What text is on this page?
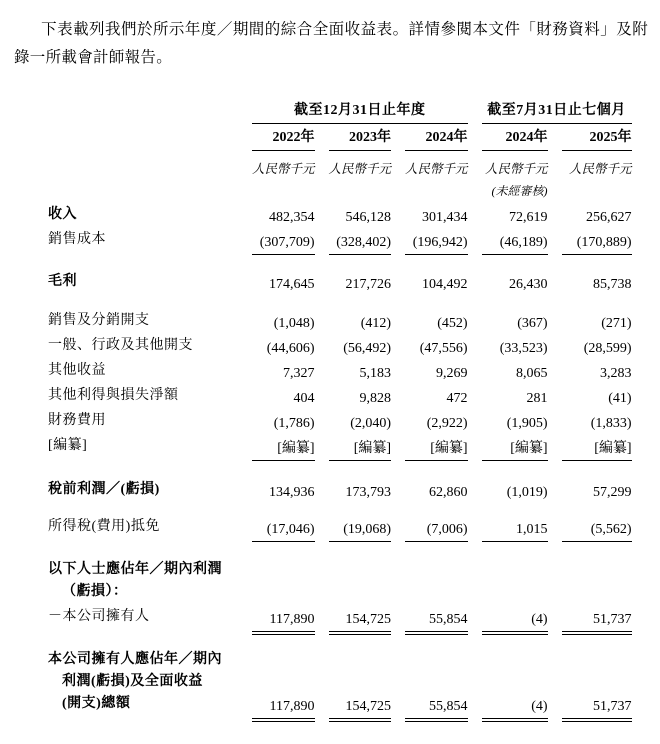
下表載列我們於所示年度／期間的綜合全面收益表。詳情參閱本文件「財務資料」及附錄一所載會計師報告。

	截至12月31日止年度			截至7月31日止七個月	

	2022年	2023年	2024年	2024年	2025年

	人民幣千元	人民幣千元	人民幣千元	人民幣千元	人民幣千元

				(未經審核)	

收入	482,354	546,128	301,434	72,619	256,627

銷售成本	(307,709)	(328,402)	(196,942)	(46,189)	(170,889)

毛利	174,645	217,726	104,492	26,430	85,738

銷售及分銷開支	(1,048)	(412)	(452)	(367)	(271)

一般、行政及其他開支	(44,606)	(56,492)	(47,556)	(33,523)	(28,599)

其他收益	7,327	5,183	9,269	8,065	3,283

其他利得與損失淨額	404	9,828	472	281	(41)

財務費用	(1,786)	(2,040)	(2,922)	(1,905)	(1,833)

[編纂]	[編纂]	[編纂]	[編纂]	[編纂]	[編纂]

稅前利潤／(虧損)	134,936	173,793	62,860	(1,019)	57,299

所得稅(費用)抵免	(17,046)	(19,068)	(7,006)	1,015	(5,562)

以下人士應佔年／期內利潤
（虧損）：					

－本公司擁有人	117,890	154,725	55,854	(4)	51,737

本公司擁有人應佔年／期內
利潤(虧損)及全面收益
(開支)總額	117,890	154,725	55,854	(4)	51,737
